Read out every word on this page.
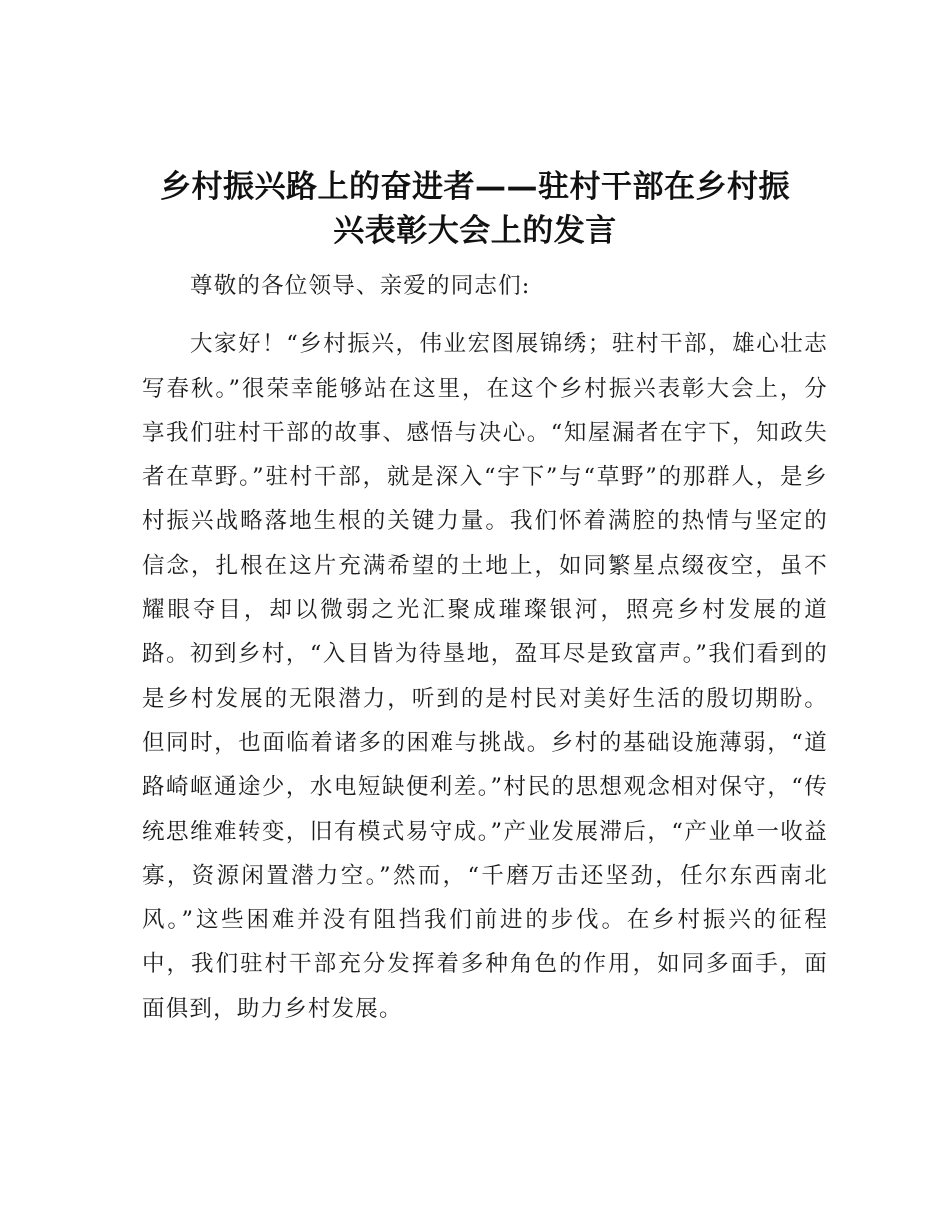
乡村振兴路上的奋进者——驻村干部在乡村振
兴表彰大会上的发言

尊敬的各位领导、亲爱的同志们:

大家好！“乡村振兴，伟业宏图展锦绣；驻村干部，雄心壮志写春秋。”很荣幸能够站在这里，在这个乡村振兴表彰大会上，分享我们驻村干部的故事、感悟与决心。“知屋漏者在宇下，知政失者在草野。”驻村干部，就是深入“宇下”与“草野”的那群人，是乡村振兴战略落地生根的关键力量。我们怀着满腔的热情与坚定的信念，扎根在这片充满希望的土地上，如同繁星点缀夜空，虽不耀眼夺目，却以微弱之光汇聚成璀璨银河，照亮乡村发展的道路。初到乡村，“入目皆为待垦地，盈耳尽是致富声。”我们看到的是乡村发展的无限潜力，听到的是村民对美好生活的殷切期盼。但同时，也面临着诸多的困难与挑战。乡村的基础设施薄弱，“道路崎岖通途少，水电短缺便利差。”村民的思想观念相对保守，“传统思维难转变，旧有模式易守成。”产业发展滞后，“产业单一收益寡，资源闲置潜力空。”然而，“千磨万击还坚劲，任尔东西南北风。”这些困难并没有阻挡我们前进的步伐。在乡村振兴的征程中，我们驻村干部充分发挥着多种角色的作用，如同多面手，面面俱到，助力乡村发展。
